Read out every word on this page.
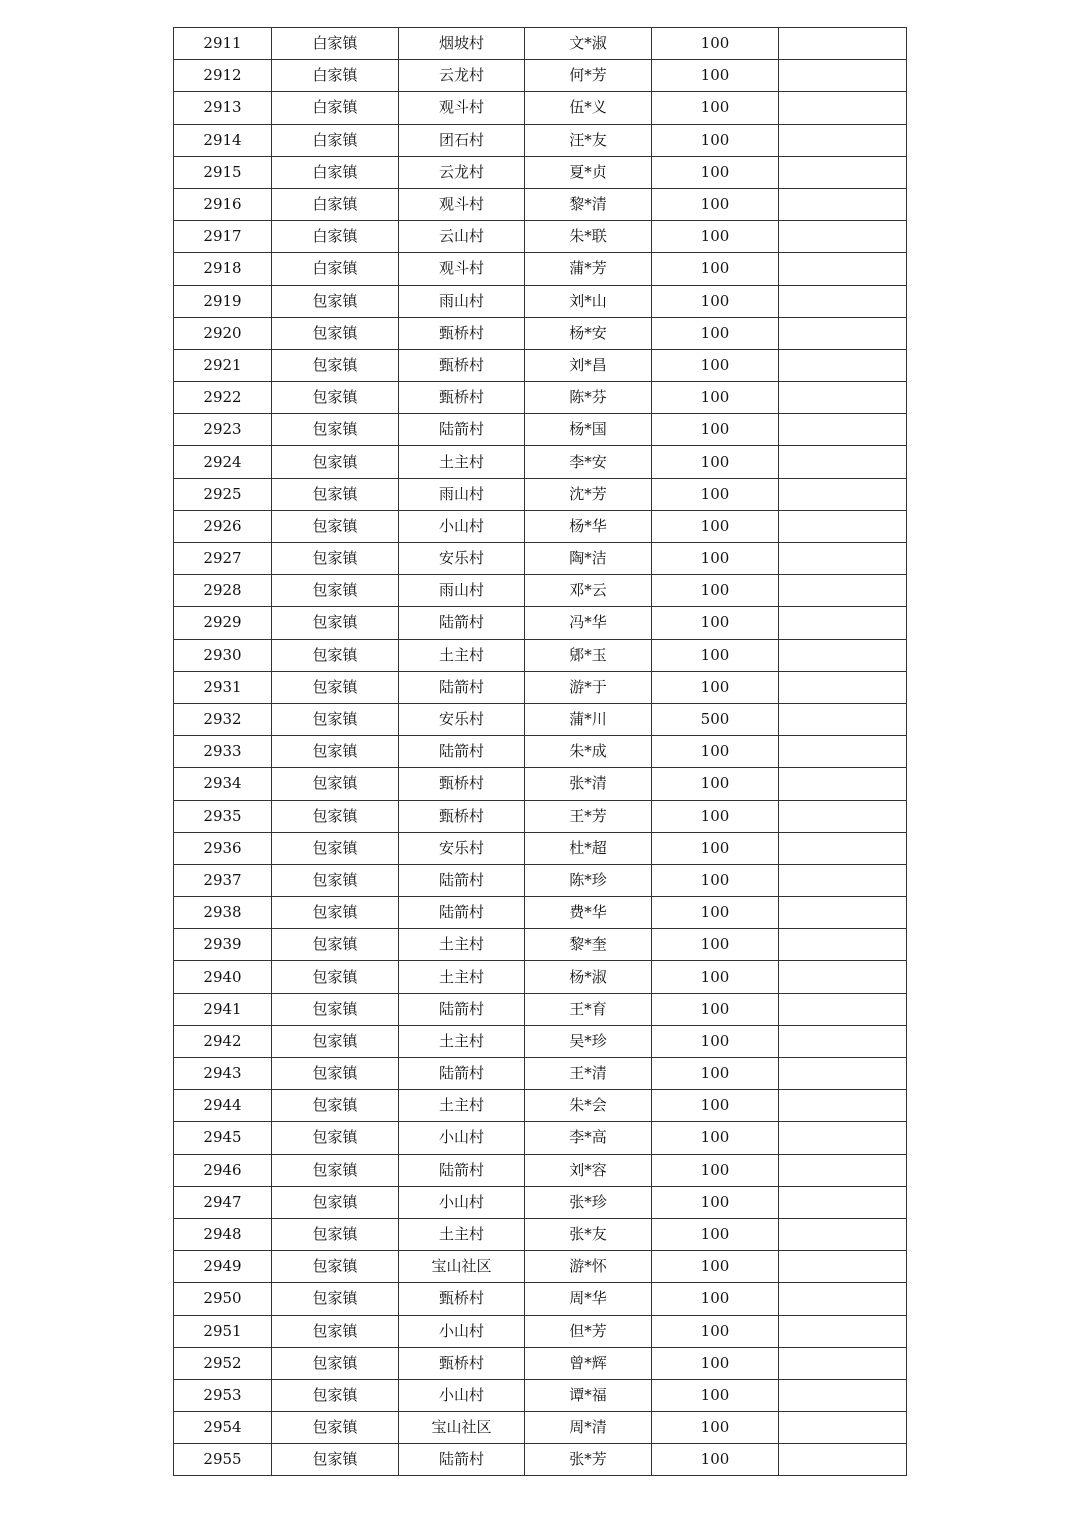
2911	白家镇	烟坡村	文*淑	100	
2912	白家镇	云龙村	何*芳	100	
2913	白家镇	观斗村	伍*义	100	
2914	白家镇	团石村	汪*友	100	
2915	白家镇	云龙村	夏*贞	100	
2916	白家镇	观斗村	黎*清	100	
2917	白家镇	云山村	朱*联	100	
2918	白家镇	观斗村	蒲*芳	100	
2919	包家镇	雨山村	刘*山	100	
2920	包家镇	甄桥村	杨*安	100	
2921	包家镇	甄桥村	刘*昌	100	
2922	包家镇	甄桥村	陈*芬	100	
2923	包家镇	陆箭村	杨*国	100	
2924	包家镇	土主村	李*安	100	
2925	包家镇	雨山村	沈*芳	100	
2926	包家镇	小山村	杨*华	100	
2927	包家镇	安乐村	陶*洁	100	
2928	包家镇	雨山村	邓*云	100	
2929	包家镇	陆箭村	冯*华	100	
2930	包家镇	土主村	郳*玉	100	
2931	包家镇	陆箭村	游*于	100	
2932	包家镇	安乐村	蒲*川	500	
2933	包家镇	陆箭村	朱*成	100	
2934	包家镇	甄桥村	张*清	100	
2935	包家镇	甄桥村	王*芳	100	
2936	包家镇	安乐村	杜*超	100	
2937	包家镇	陆箭村	陈*珍	100	
2938	包家镇	陆箭村	费*华	100	
2939	包家镇	土主村	黎*奎	100	
2940	包家镇	土主村	杨*淑	100	
2941	包家镇	陆箭村	王*育	100	
2942	包家镇	土主村	吴*珍	100	
2943	包家镇	陆箭村	王*清	100	
2944	包家镇	土主村	朱*会	100	
2945	包家镇	小山村	李*高	100	
2946	包家镇	陆箭村	刘*容	100	
2947	包家镇	小山村	张*珍	100	
2948	包家镇	土主村	张*友	100	
2949	包家镇	宝山社区	游*怀	100	
2950	包家镇	甄桥村	周*华	100	
2951	包家镇	小山村	但*芳	100	
2952	包家镇	甄桥村	曾*辉	100	
2953	包家镇	小山村	谭*福	100	
2954	包家镇	宝山社区	周*清	100	
2955	包家镇	陆箭村	张*芳	100	
